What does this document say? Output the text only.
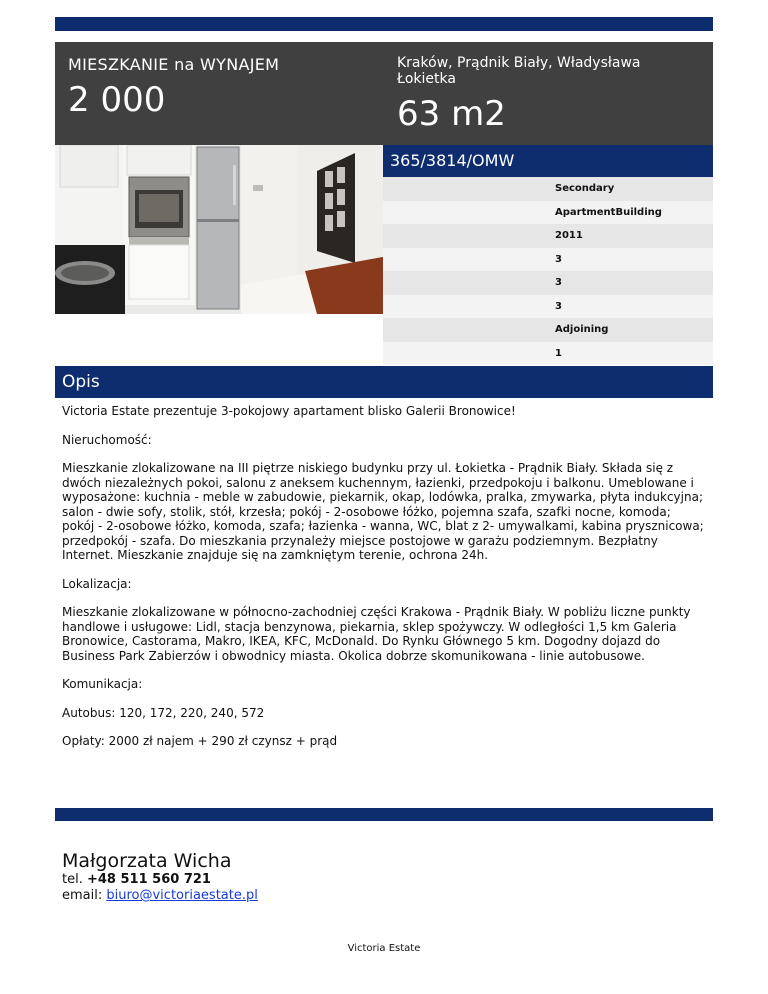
MIESZKANIE na WYNAJEM
2 000
Kraków, Prądnik Biały, Władysława Łokietka
63 m2
365/3814/OMW
Secondary
ApartmentBuilding
2011
3
3
3
Adjoining
1
Opis

Victoria Estate prezentuje 3-pokojowy apartament blisko Galerii Bronowice!

Nieruchomość:

Mieszkanie zlokalizowane na III piętrze niskiego budynku przy ul. Łokietka - Prądnik Biały. Składa się z dwóch niezależnych pokoi, salonu z aneksem kuchennym, łazienki, przedpokoju i balkonu. Umeblowane i wyposażone: kuchnia - meble w zabudowie, piekarnik, okap, lodówka, pralka, zmywarka, płyta indukcyjna; salon - dwie sofy, stolik, stół, krzesła; pokój - 2-osobowe łóżko, pojemna szafa, szafki nocne, komoda; pokój - 2-osobowe łóżko, komoda, szafa; łazienka - wanna, WC, blat z 2- umywalkami, kabina prysznicowa; przedpokój - szafa. Do mieszkania przynależy miejsce postojowe w garażu podziemnym. Bezpłatny Internet. Mieszkanie znajduje się na zamkniętym terenie, ochrona 24h.

Lokalizacja:

Mieszkanie zlokalizowane w północno-zachodniej części Krakowa - Prądnik Biały. W pobliżu liczne punkty handlowe i usługowe: Lidl, stacja benzynowa, piekarnia, sklep spożywczy. W odległości 1,5 km Galeria Bronowice, Castorama, Makro, IKEA, KFC, McDonald. Do Rynku Głównego 5 km. Dogodny dojazd do Business Park Zabierzów i obwodnicy miasta. Okolica dobrze skomunikowana - linie autobusowe.

Komunikacja:

Autobus: 120, 172, 220, 240, 572

Opłaty: 2000 zł najem + 290 zł czynsz + prąd

Małgorzata Wicha
tel. +48 511 560 721
email: biuro@victoriaestate.pl
Victoria Estate
